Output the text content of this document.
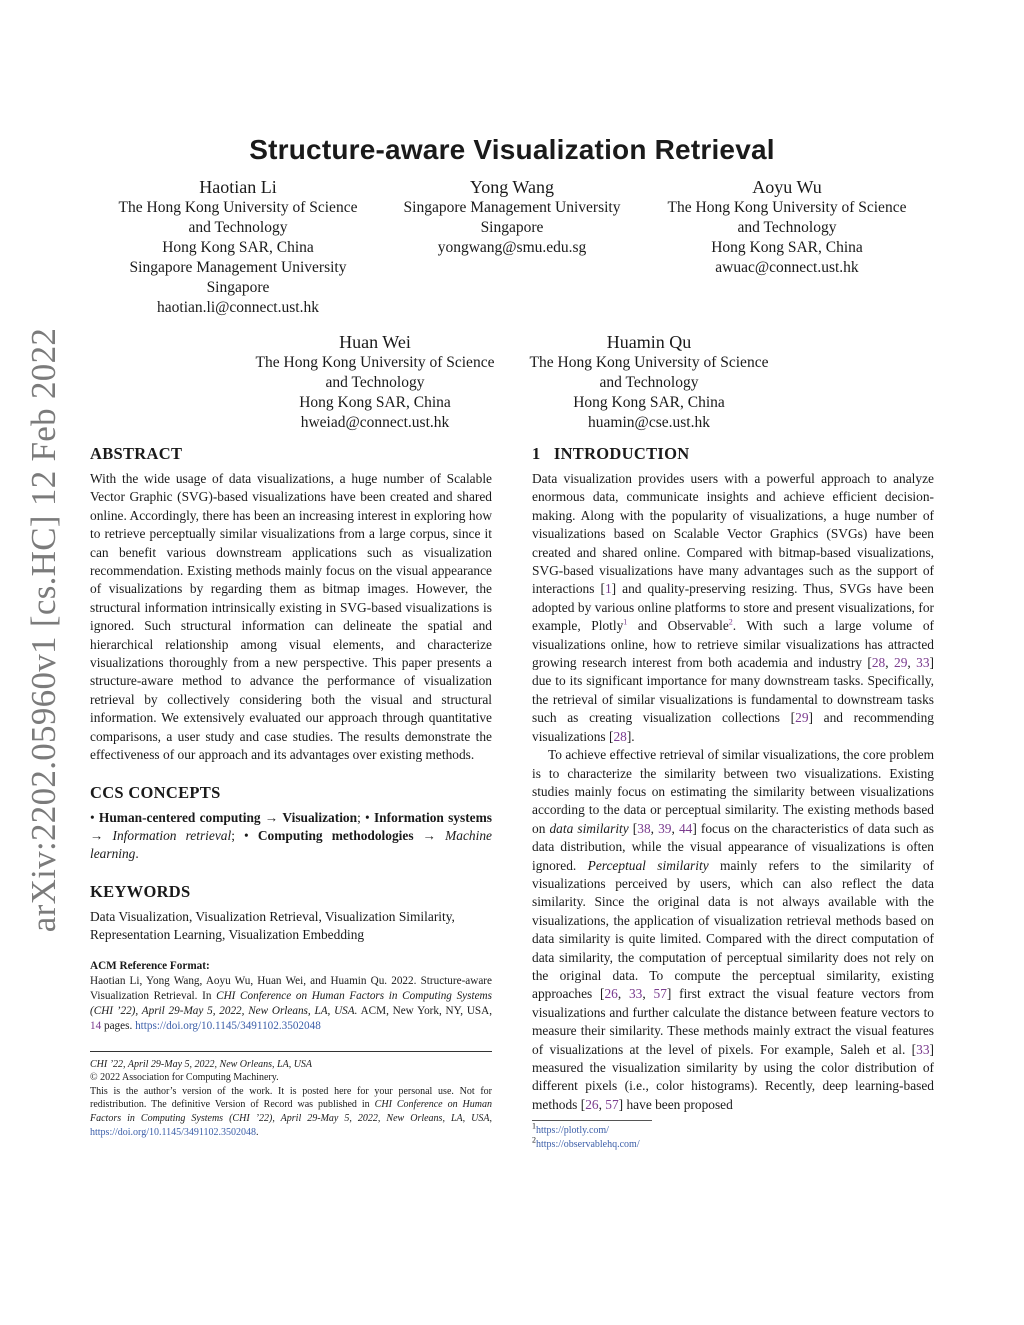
Structure-aware Visualization Retrieval
arXiv:2202.05960v1 [cs.HC] 12 Feb 2022
Haotian Li
The Hong Kong University of Science
and Technology
Hong Kong SAR, China
Singapore Management University
Singapore
haotian.li@connect.ust.hk
Yong Wang
Singapore Management University
Singapore
yongwang@smu.edu.sg
Aoyu Wu
The Hong Kong University of Science
and Technology
Hong Kong SAR, China
awuac@connect.ust.hk
Huan Wei
The Hong Kong University of Science
and Technology
Hong Kong SAR, China
hweiad@connect.ust.hk
Huamin Qu
The Hong Kong University of Science
and Technology
Hong Kong SAR, China
huamin@cse.ust.hk
ABSTRACT

With the wide usage of data visualizations, a huge number of Scalable Vector Graphic (SVG)-based visualizations have been created and shared online. Accordingly, there has been an increasing interest in exploring how to retrieve perceptually similar visualizations from a large corpus, since it can benefit various downstream applications such as visualization recommendation. Existing methods mainly focus on the visual appearance of visualizations by regarding them as bitmap images. However, the structural information intrinsically existing in SVG-based visualizations is ignored. Such structural information can delineate the spatial and hierarchical relationship among visual elements, and characterize visualizations thoroughly from a new perspective. This paper presents a structure-aware method to advance the performance of visualization retrieval by collectively considering both the visual and structural information. We extensively evaluated our approach through quantitative comparisons, a user study and case studies. The results demonstrate the effectiveness of our approach and its advantages over existing methods.

CCS CONCEPTS

• Human-centered computing → Visualization; • Information systems → Information retrieval; • Computing methodologies → Machine learning.

KEYWORDS

Data Visualization, Visualization Retrieval, Visualization Similarity, Representation Learning, Visualization Embedding

ACM Reference Format:

Haotian Li, Yong Wang, Aoyu Wu, Huan Wei, and Huamin Qu. 2022. Structure-aware Visualization Retrieval. In CHI Conference on Human Factors in Computing Systems (CHI ’22), April 29-May 5, 2022, New Orleans, LA, USA. ACM, New York, NY, USA, 14 pages. https://doi.org/10.1145/3491102.3502048

CHI ’22, April 29-May 5, 2022, New Orleans, LA, USA
© 2022 Association for Computing Machinery.

This is the author’s version of the work. It is posted here for your personal use. Not for redistribution. The definitive Version of Record was published in CHI Conference on Human Factors in Computing Systems (CHI ’22), April 29-May 5, 2022, New Orleans, LA, USA, https://doi.org/10.1145/3491102.3502048.

1 INTRODUCTION

Data visualization provides users with a powerful approach to analyze enormous data, communicate insights and achieve efficient decision-making. Along with the popularity of visualizations, a huge number of visualizations based on Scalable Vector Graphics (SVGs) have been created and shared online. Compared with bitmap-based visualizations, SVG-based visualizations have many advantages such as the support of interactions [1] and quality-preserving resizing. Thus, SVGs have been adopted by various online platforms to store and present visualizations, for example, Plotly$^1$ and Observable$^2$. With such a large volume of visualizations online, how to retrieve similar visualizations has attracted growing research interest from both academia and industry [28, 29, 33] due to its significant importance for many downstream tasks. Specifically, the retrieval of similar visualizations is fundamental to downstream tasks such as creating visualization collections [29] and recommending visualizations [28].

To achieve effective retrieval of similar visualizations, the core problem is to characterize the similarity between two visualizations. Existing studies mainly focus on estimating the similarity between visualizations according to the data or perceptual similarity. The existing methods based on data similarity [38, 39, 44] focus on the characteristics of data such as data distribution, while the visual appearance of visualizations is often ignored. Perceptual similarity mainly refers to the similarity of visualizations perceived by users, which can also reflect the data similarity. Since the original data is not always available with the visualizations, the application of visualization retrieval methods based on data similarity is quite limited. Compared with the direct computation of data similarity, the computation of perceptual similarity does not rely on the original data. To compute the perceptual similarity, existing approaches [26, 33, 57] first extract the visual feature vectors from visualizations and further calculate the distance between feature vectors to measure their similarity. These methods mainly extract the visual features of visualizations at the level of pixels. For example, Saleh et al. [33] measured the visualization similarity by using the color distribution of different pixels (i.e., color histograms). Recently, deep learning-based methods [26, 57] have been proposed

$^1$https://plotly.com/
$^2$https://observablehq.com/
